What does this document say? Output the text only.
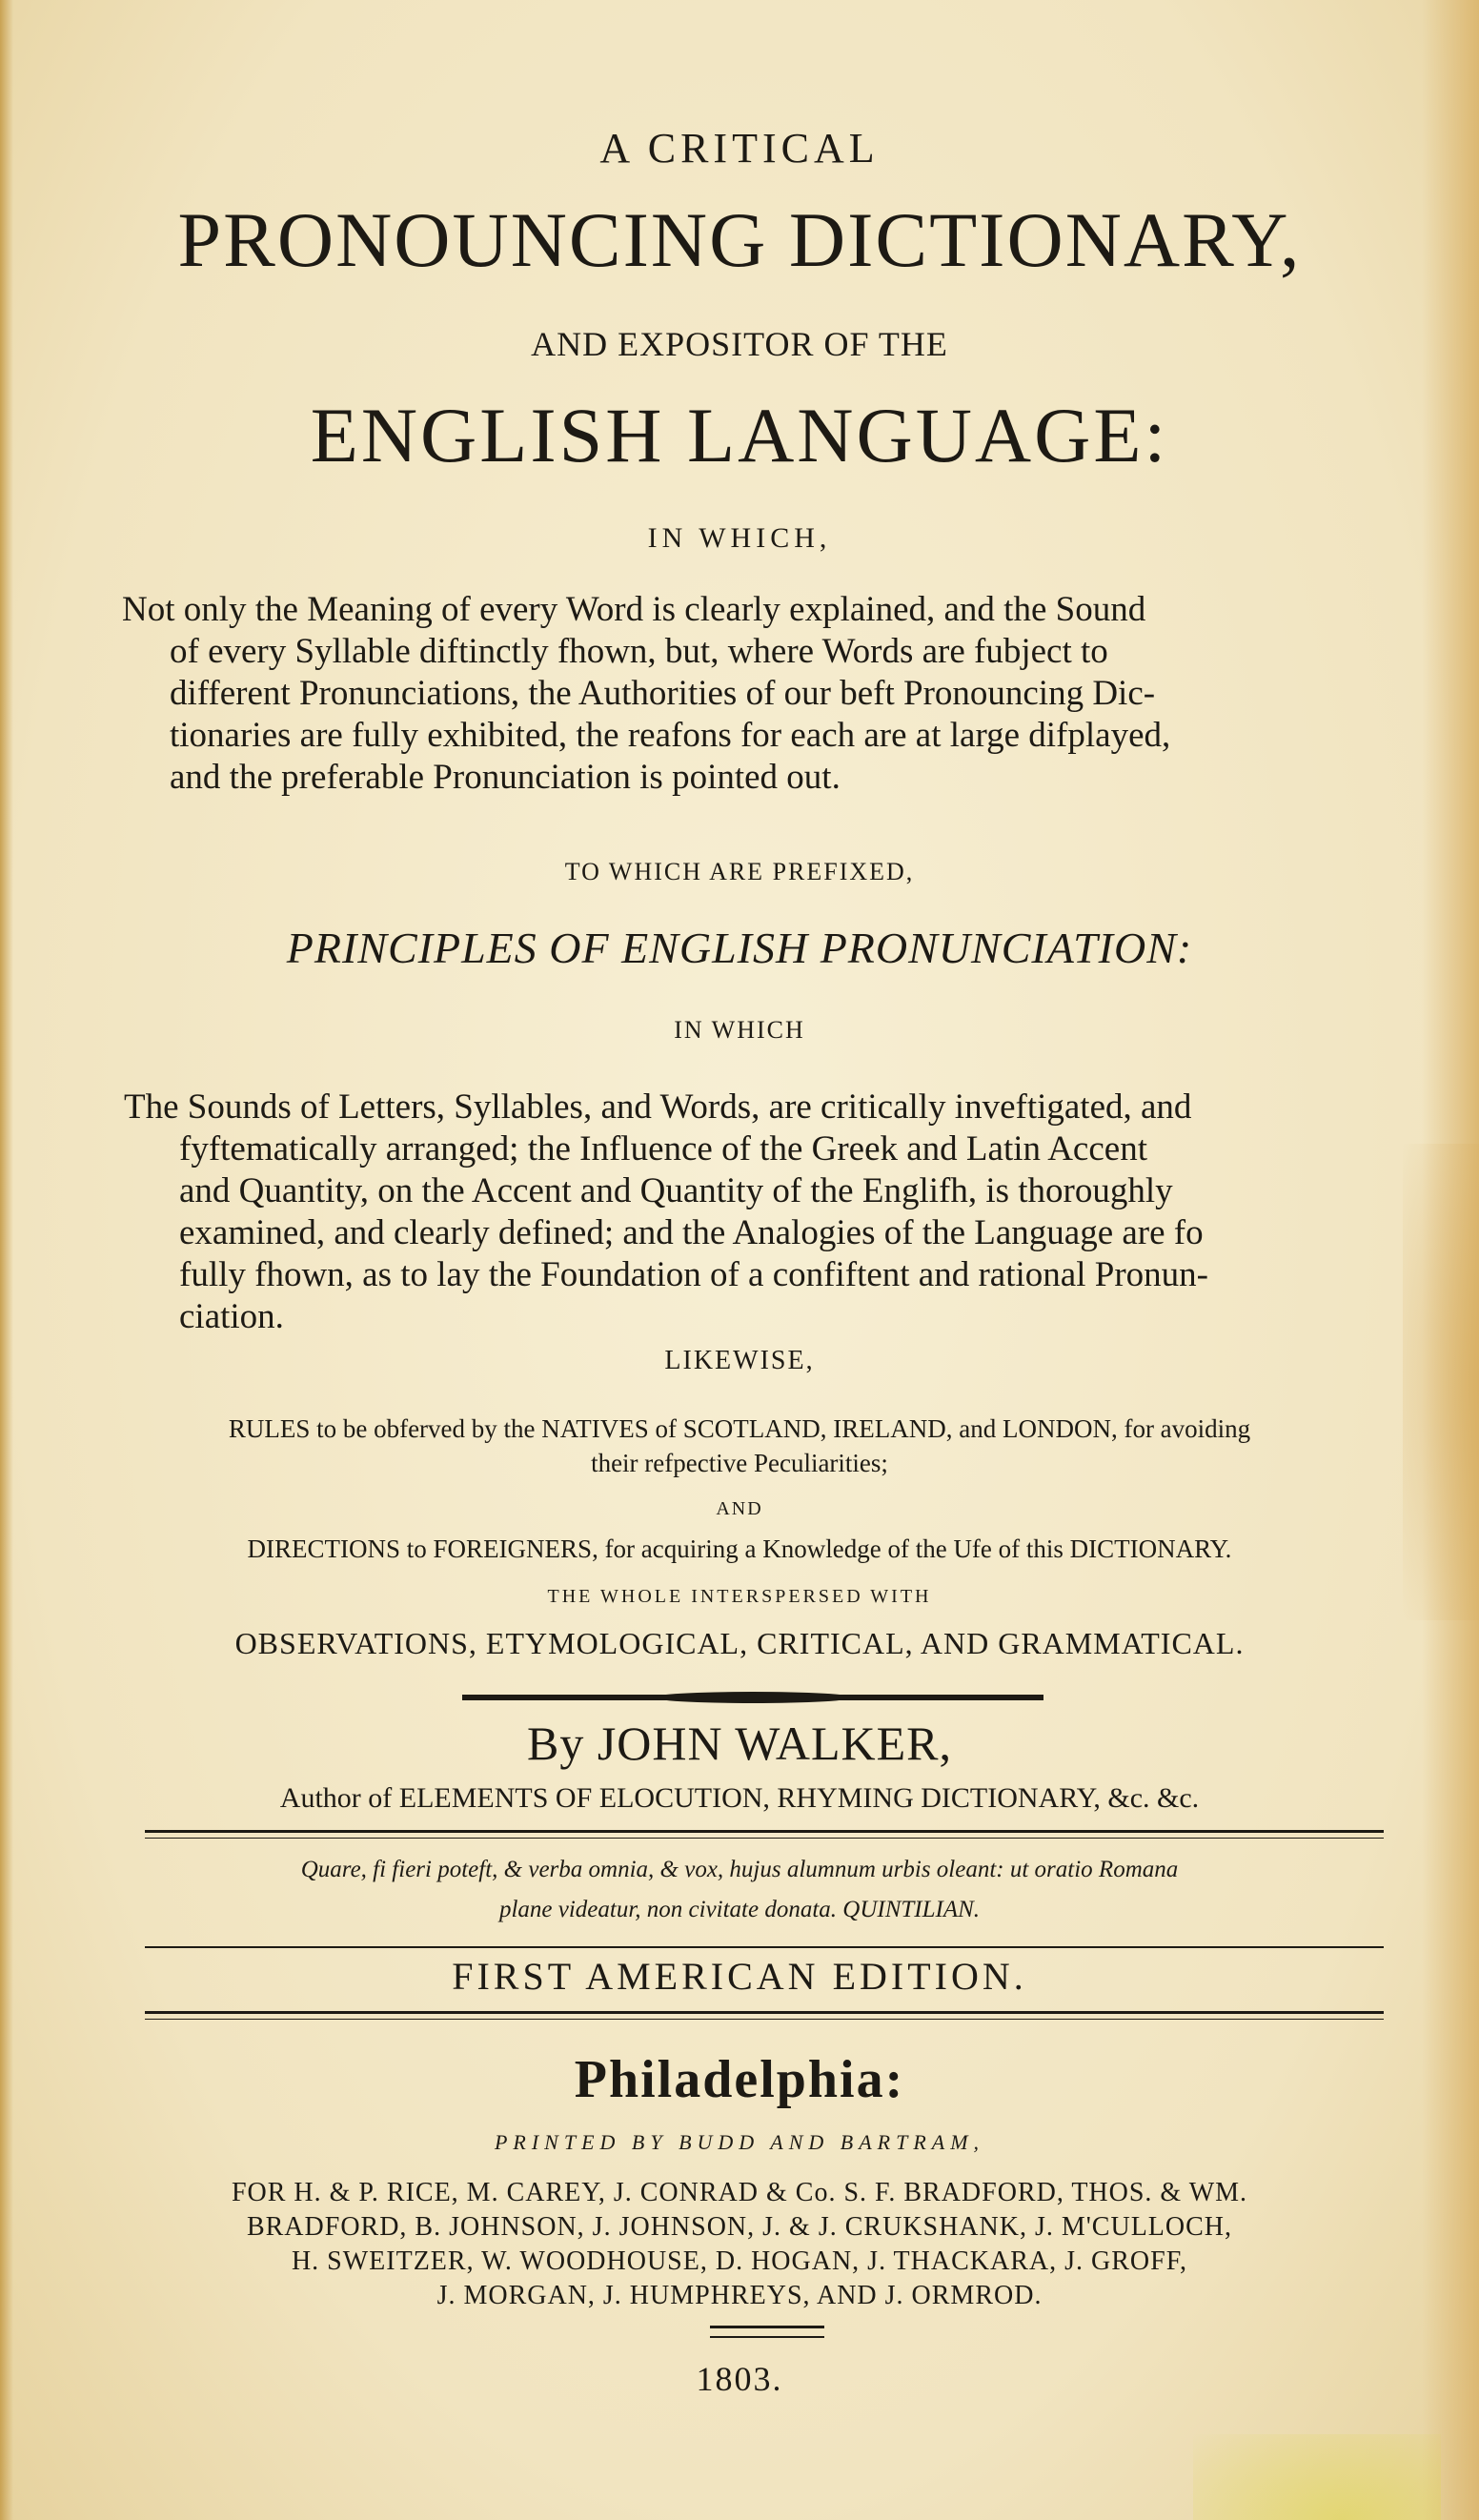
A CRITICAL
PRONOUNCING DICTIONARY,
AND EXPOSITOR OF THE
ENGLISH LANGUAGE:
IN WHICH,
Not only the Meaning of every Word is clearly explained, and the Sound
of every Syllable diftinctly fhown, but, where Words are fubject to
different Pronunciations, the Authorities of our beft Pronouncing Dic-
tionaries are fully exhibited, the reafons for each are at large difplayed,
and the preferable Pronunciation is pointed out.
TO WHICH ARE PREFIXED,
PRINCIPLES OF ENGLISH PRONUNCIATION:
IN WHICH
The Sounds of Letters, Syllables, and Words, are critically inveftigated, and
fyftematically arranged; the Influence of the Greek and Latin Accent
and Quantity, on the Accent and Quantity of the Englifh, is thoroughly
examined, and clearly defined; and the Analogies of the Language are fo
fully fhown, as to lay the Foundation of a confiftent and rational Pronun-
ciation.
LIKEWISE,
RULES to be obferved by the NATIVES of SCOTLAND, IRELAND, and LONDON, for avoiding
their refpective Peculiarities;
AND
DIRECTIONS to FOREIGNERS, for acquiring a Knowledge of the Ufe of this DICTIONARY.
THE WHOLE INTERSPERSED WITH
OBSERVATIONS, ETYMOLOGICAL, CRITICAL, AND GRAMMATICAL.
By JOHN WALKER,
Author of ELEMENTS OF ELOCUTION, RHYMING DICTIONARY, &c. &c.
Quare, fi fieri poteft, & verba omnia, & vox, hujus alumnum urbis oleant: ut oratio Romana
plane videatur, non civitate donata. QUINTILIAN.
FIRST AMERICAN EDITION.
Philadelphia:
PRINTED BY BUDD AND BARTRAM,
FOR H. & P. RICE, M. CAREY, J. CONRAD & Co. S. F. BRADFORD, THOS. & WM.
BRADFORD, B. JOHNSON, J. JOHNSON, J. & J. CRUKSHANK, J. M'CULLOCH,
H. SWEITZER, W. WOODHOUSE, D. HOGAN, J. THACKARA, J. GROFF,
J. MORGAN, J. HUMPHREYS, AND J. ORMROD.
1803.
